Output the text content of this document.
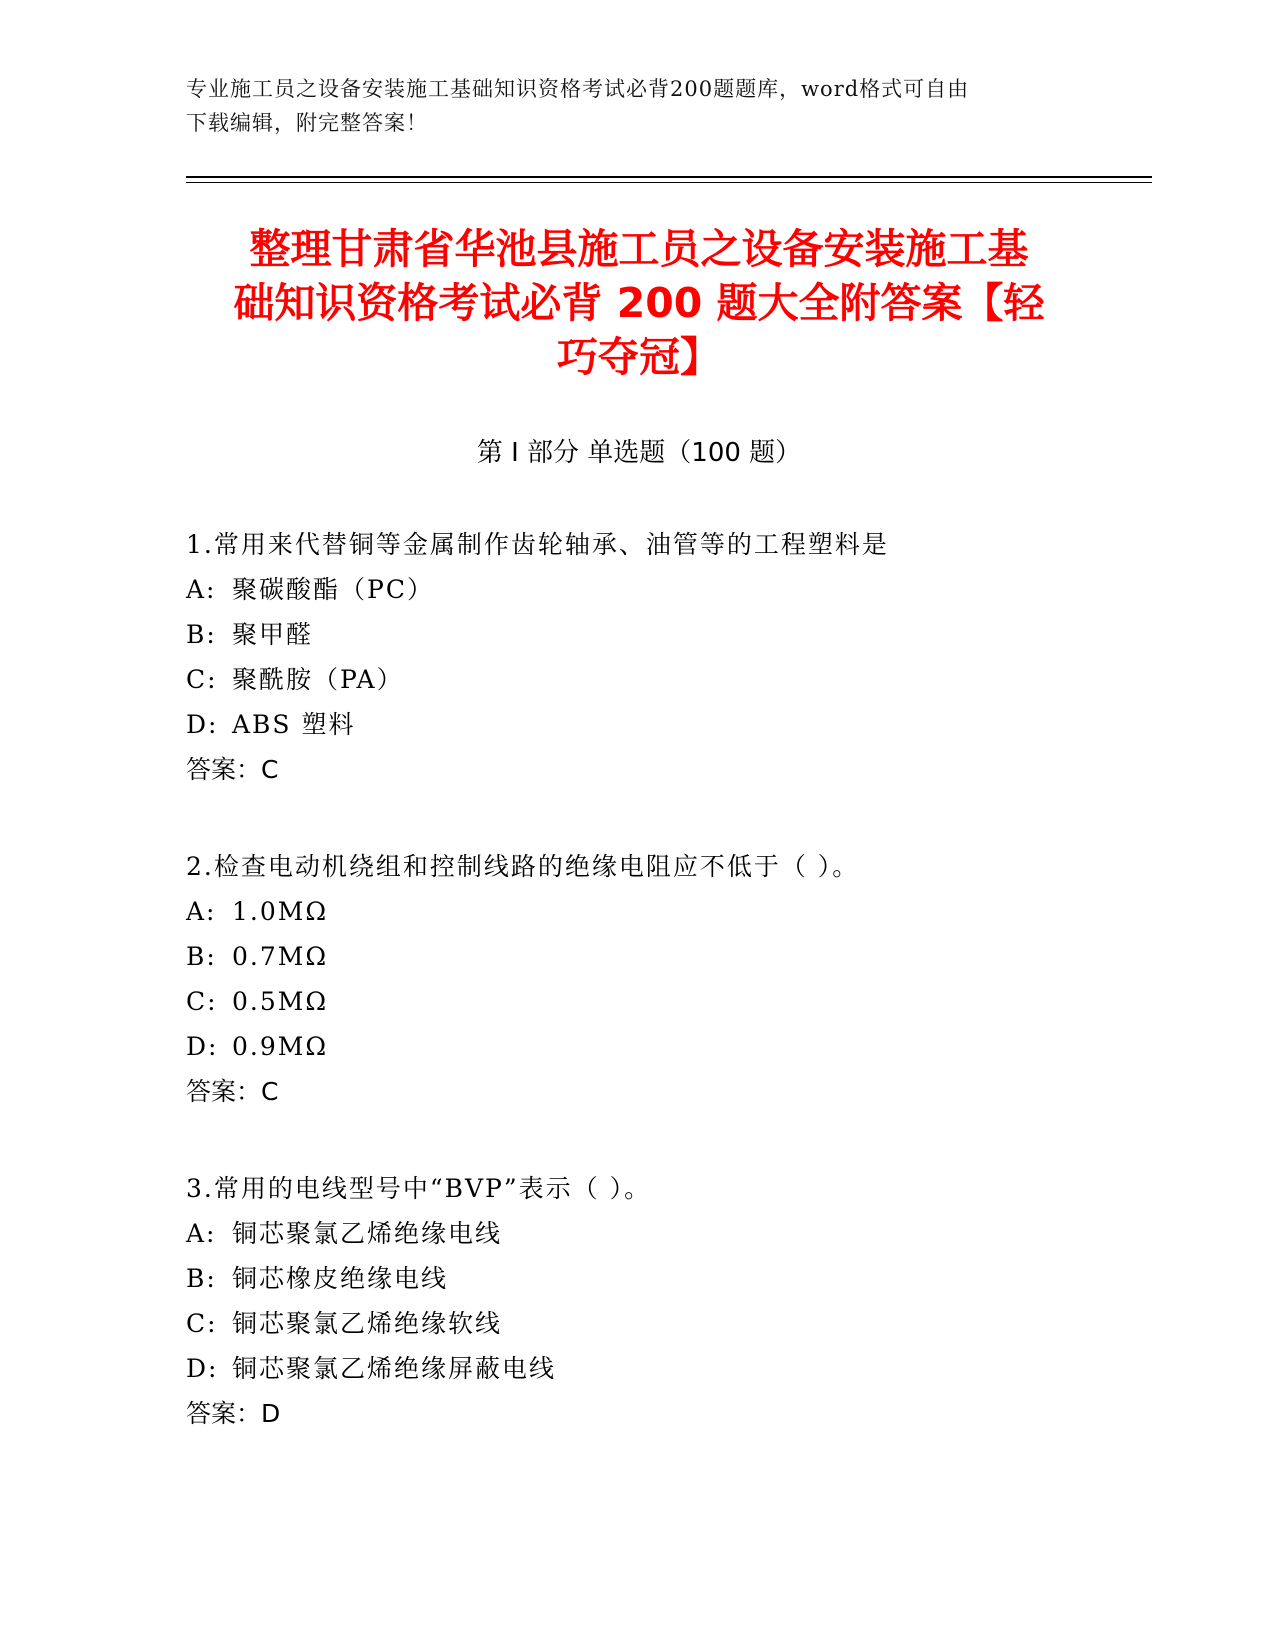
专业施工员之设备安装施工基础知识资格考试必背200题题库，word格式可自由
下载编辑，附完整答案！
整理甘肃省华池县施工员之设备安装施工基
础知识资格考试必背 200 题大全附答案【轻
巧夺冠】
第 I 部分 单选题（100 题）
1.常用来代替铜等金属制作齿轮轴承、油管等的工程塑料是
A: 聚碳酸酯（PC）
B: 聚甲醛
C: 聚酰胺（PA）
D: ABS 塑料
答案：C
2.检查电动机绕组和控制线路的绝缘电阻应不低于（ ）。
A: 1.0MΩ
B: 0.7MΩ
C: 0.5MΩ
D: 0.9MΩ
答案：C
3.常用的电线型号中“BVP”表示（ ）。
A: 铜芯聚氯乙烯绝缘电线
B: 铜芯橡皮绝缘电线
C: 铜芯聚氯乙烯绝缘软线
D: 铜芯聚氯乙烯绝缘屏蔽电线
答案：D
